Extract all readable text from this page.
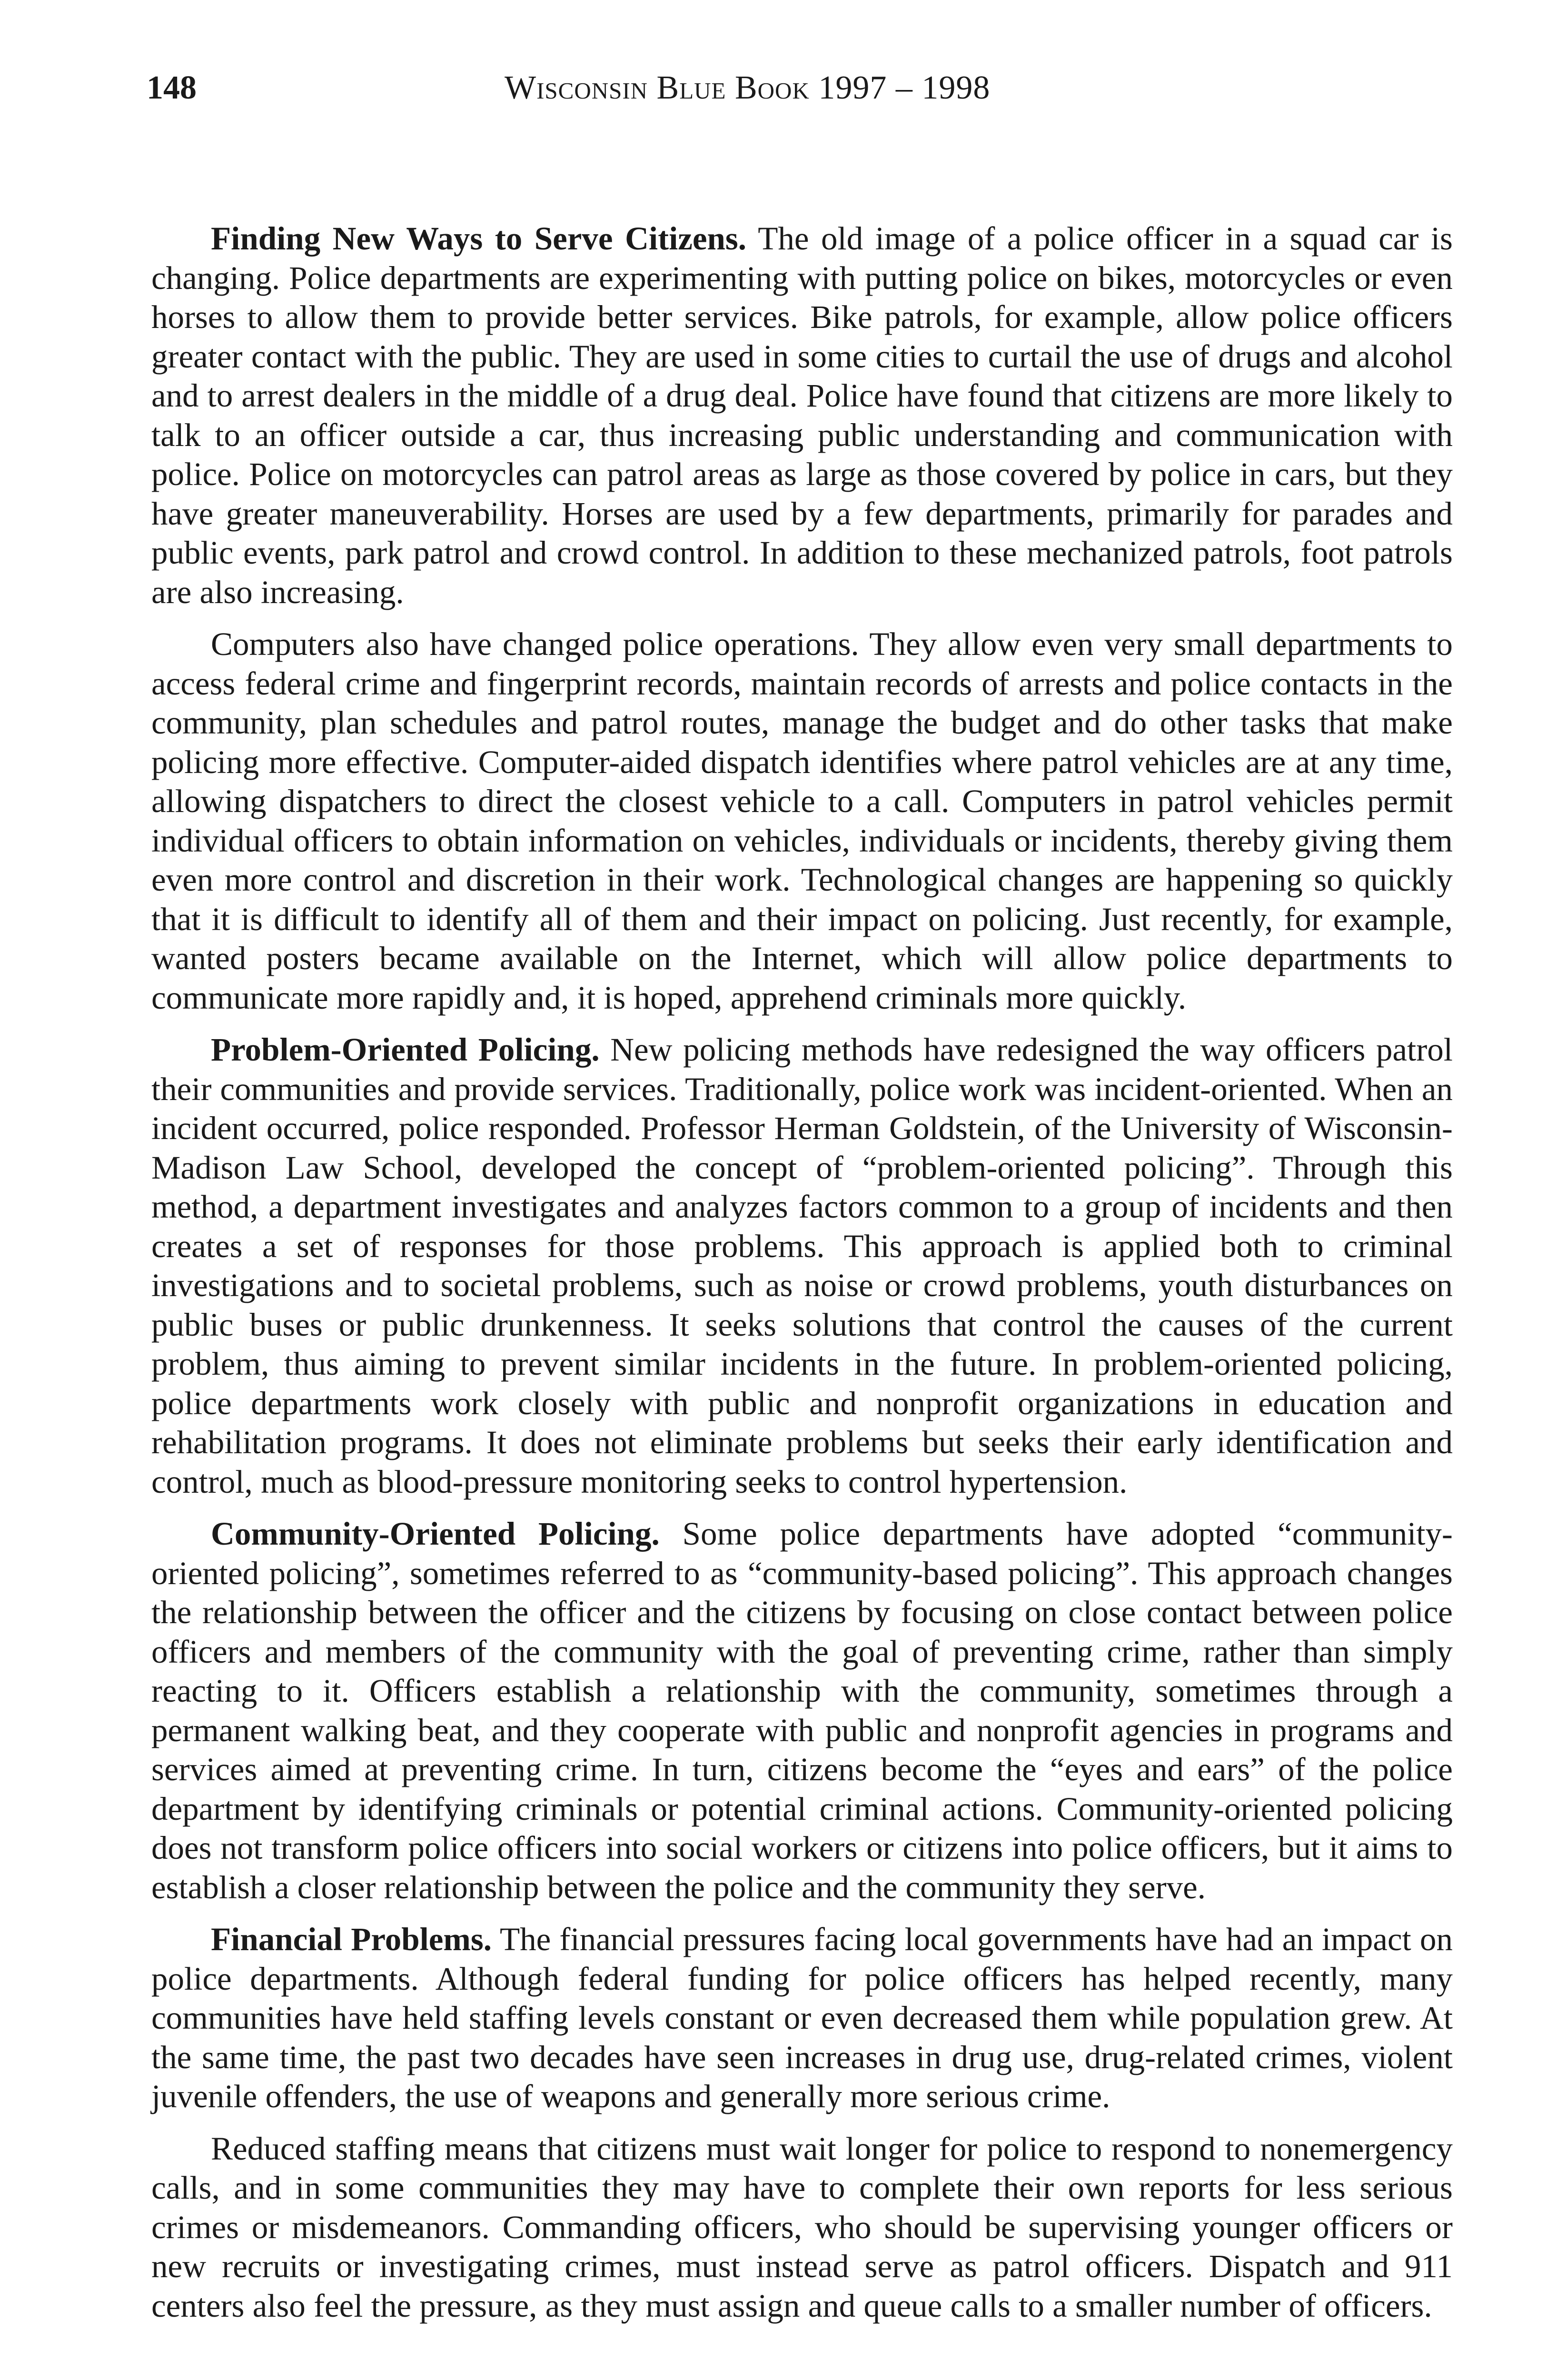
148	Wisconsin Blue Book 1997 – 1998

Finding New Ways to Serve Citizens. The old image of a police officer in a squad car is changing. Police departments are experimenting with putting police on bikes, motorcycles or even horses to allow them to provide better services. Bike patrols, for example, allow police officers greater contact with the public. They are used in some cities to curtail the use of drugs and alcohol and to arrest dealers in the middle of a drug deal. Police have found that citizens are more likely to talk to an officer outside a car, thus increasing public understanding and communication with police. Police on motorcycles can patrol areas as large as those covered by police in cars, but they have greater maneuverability. Horses are used by a few departments, primarily for parades and public events, park patrol and crowd control. In addition to these mechanized patrols, foot patrols are also increasing.

Computers also have changed police operations. They allow even very small departments to access federal crime and fingerprint records, maintain records of arrests and police contacts in the community, plan schedules and patrol routes, manage the budget and do other tasks that make policing more effective. Computer-aided dispatch identifies where patrol vehicles are at any time, allowing dispatchers to direct the closest vehicle to a call. Computers in patrol vehicles permit individual officers to obtain information on vehicles, individuals or incidents, thereby giving them even more control and discretion in their work. Technological changes are happening so quickly that it is difficult to identify all of them and their impact on policing. Just recently, for example, wanted posters became available on the Internet, which will allow police departments to communicate more rapidly and, it is hoped, apprehend criminals more quickly.

Problem-Oriented Policing. New policing methods have redesigned the way officers patrol their communities and provide services. Traditionally, police work was incident-oriented. When an incident occurred, police responded. Professor Herman Goldstein, of the University of Wisconsin-Madison Law School, developed the concept of “problem-oriented policing”. Through this method, a department investigates and analyzes factors common to a group of incidents and then creates a set of responses for those problems. This approach is applied both to criminal investigations and to societal problems, such as noise or crowd problems, youth disturbances on public buses or public drunkenness. It seeks solutions that control the causes of the current problem, thus aiming to prevent similar incidents in the future. In problem-oriented policing, police departments work closely with public and nonprofit organizations in education and rehabilitation programs. It does not eliminate problems but seeks their early identification and control, much as blood-pressure monitoring seeks to control hypertension.

Community-Oriented Policing. Some police departments have adopted “community-oriented policing”, sometimes referred to as “community-based policing”. This approach changes the relationship between the officer and the citizens by focusing on close contact between police officers and members of the community with the goal of preventing crime, rather than simply reacting to it. Officers establish a relationship with the community, sometimes through a permanent walking beat, and they cooperate with public and nonprofit agencies in programs and services aimed at preventing crime. In turn, citizens become the “eyes and ears” of the police department by identifying criminals or potential criminal actions. Community-oriented policing does not transform police officers into social workers or citizens into police officers, but it aims to establish a closer relationship between the police and the community they serve.

Financial Problems. The financial pressures facing local governments have had an impact on police departments. Although federal funding for police officers has helped recently, many communities have held staffing levels constant or even decreased them while population grew. At the same time, the past two decades have seen increases in drug use, drug-related crimes, violent juvenile offenders, the use of weapons and generally more serious crime.

Reduced staffing means that citizens must wait longer for police to respond to nonemergency calls, and in some communities they may have to complete their own reports for less serious crimes or misdemeanors. Commanding officers, who should be supervising younger officers or new recruits or investigating crimes, must instead serve as patrol officers. Dispatch and 911 centers also feel the pressure, as they must assign and queue calls to a smaller number of officers.
